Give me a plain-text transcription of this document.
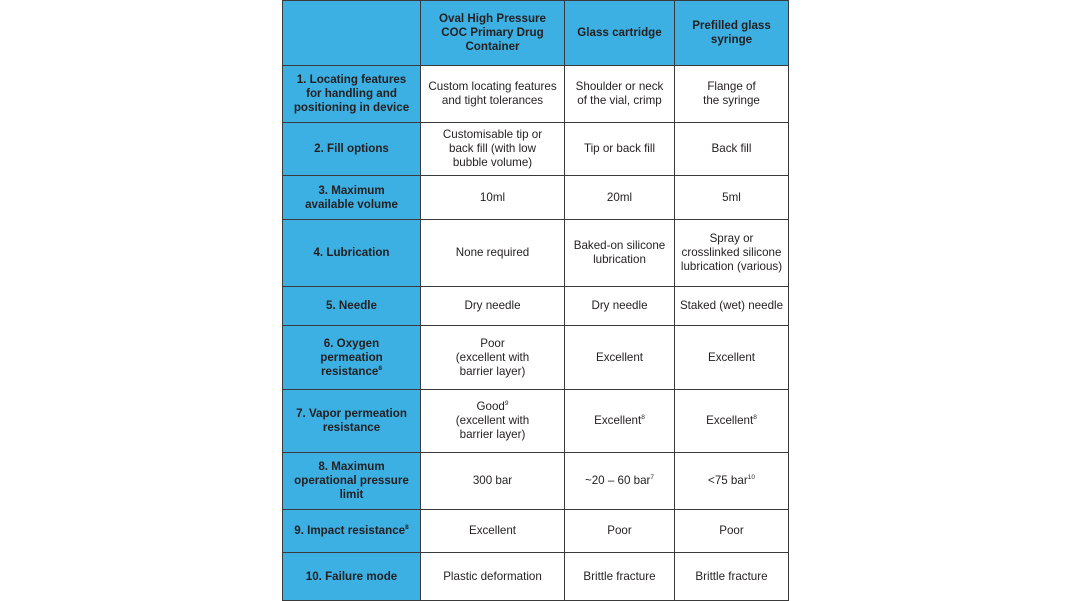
	Oval High Pressure
COC Primary Drug
Container	Glass cartridge	Prefilled glass
syringe

1. Locating features
for handling and
positioning in device	Custom locating features
and tight tolerances	Shoulder or neck
of the vial, crimp	Flange of
the syringe

2. Fill options	Customisable tip or
back fill (with low
bubble volume)	Tip or back fill	Back fill

3. Maximum
available volume	10ml	20ml	5ml

4. Lubrication	None required	Baked-on silicone
lubrication	Spray or
crosslinked silicone
lubrication (various)

5. Needle	Dry needle	Dry needle	Staked (wet) needle

6. Oxygen
permeation
resistance$^8$	Poor
(excellent with
barrier layer)	Excellent	Excellent

7. Vapor permeation
resistance	Good$^9$
(excellent with
barrier layer)	Excellent$^8$	Excellent$^8$

8. Maximum
operational pressure
limit	300 bar	~20 – 60 bar$^7$	<75 bar$^{10}$

9. Impact resistance$^8$	Excellent	Poor	Poor

10. Failure mode	Plastic deformation	Brittle fracture	Brittle fracture
